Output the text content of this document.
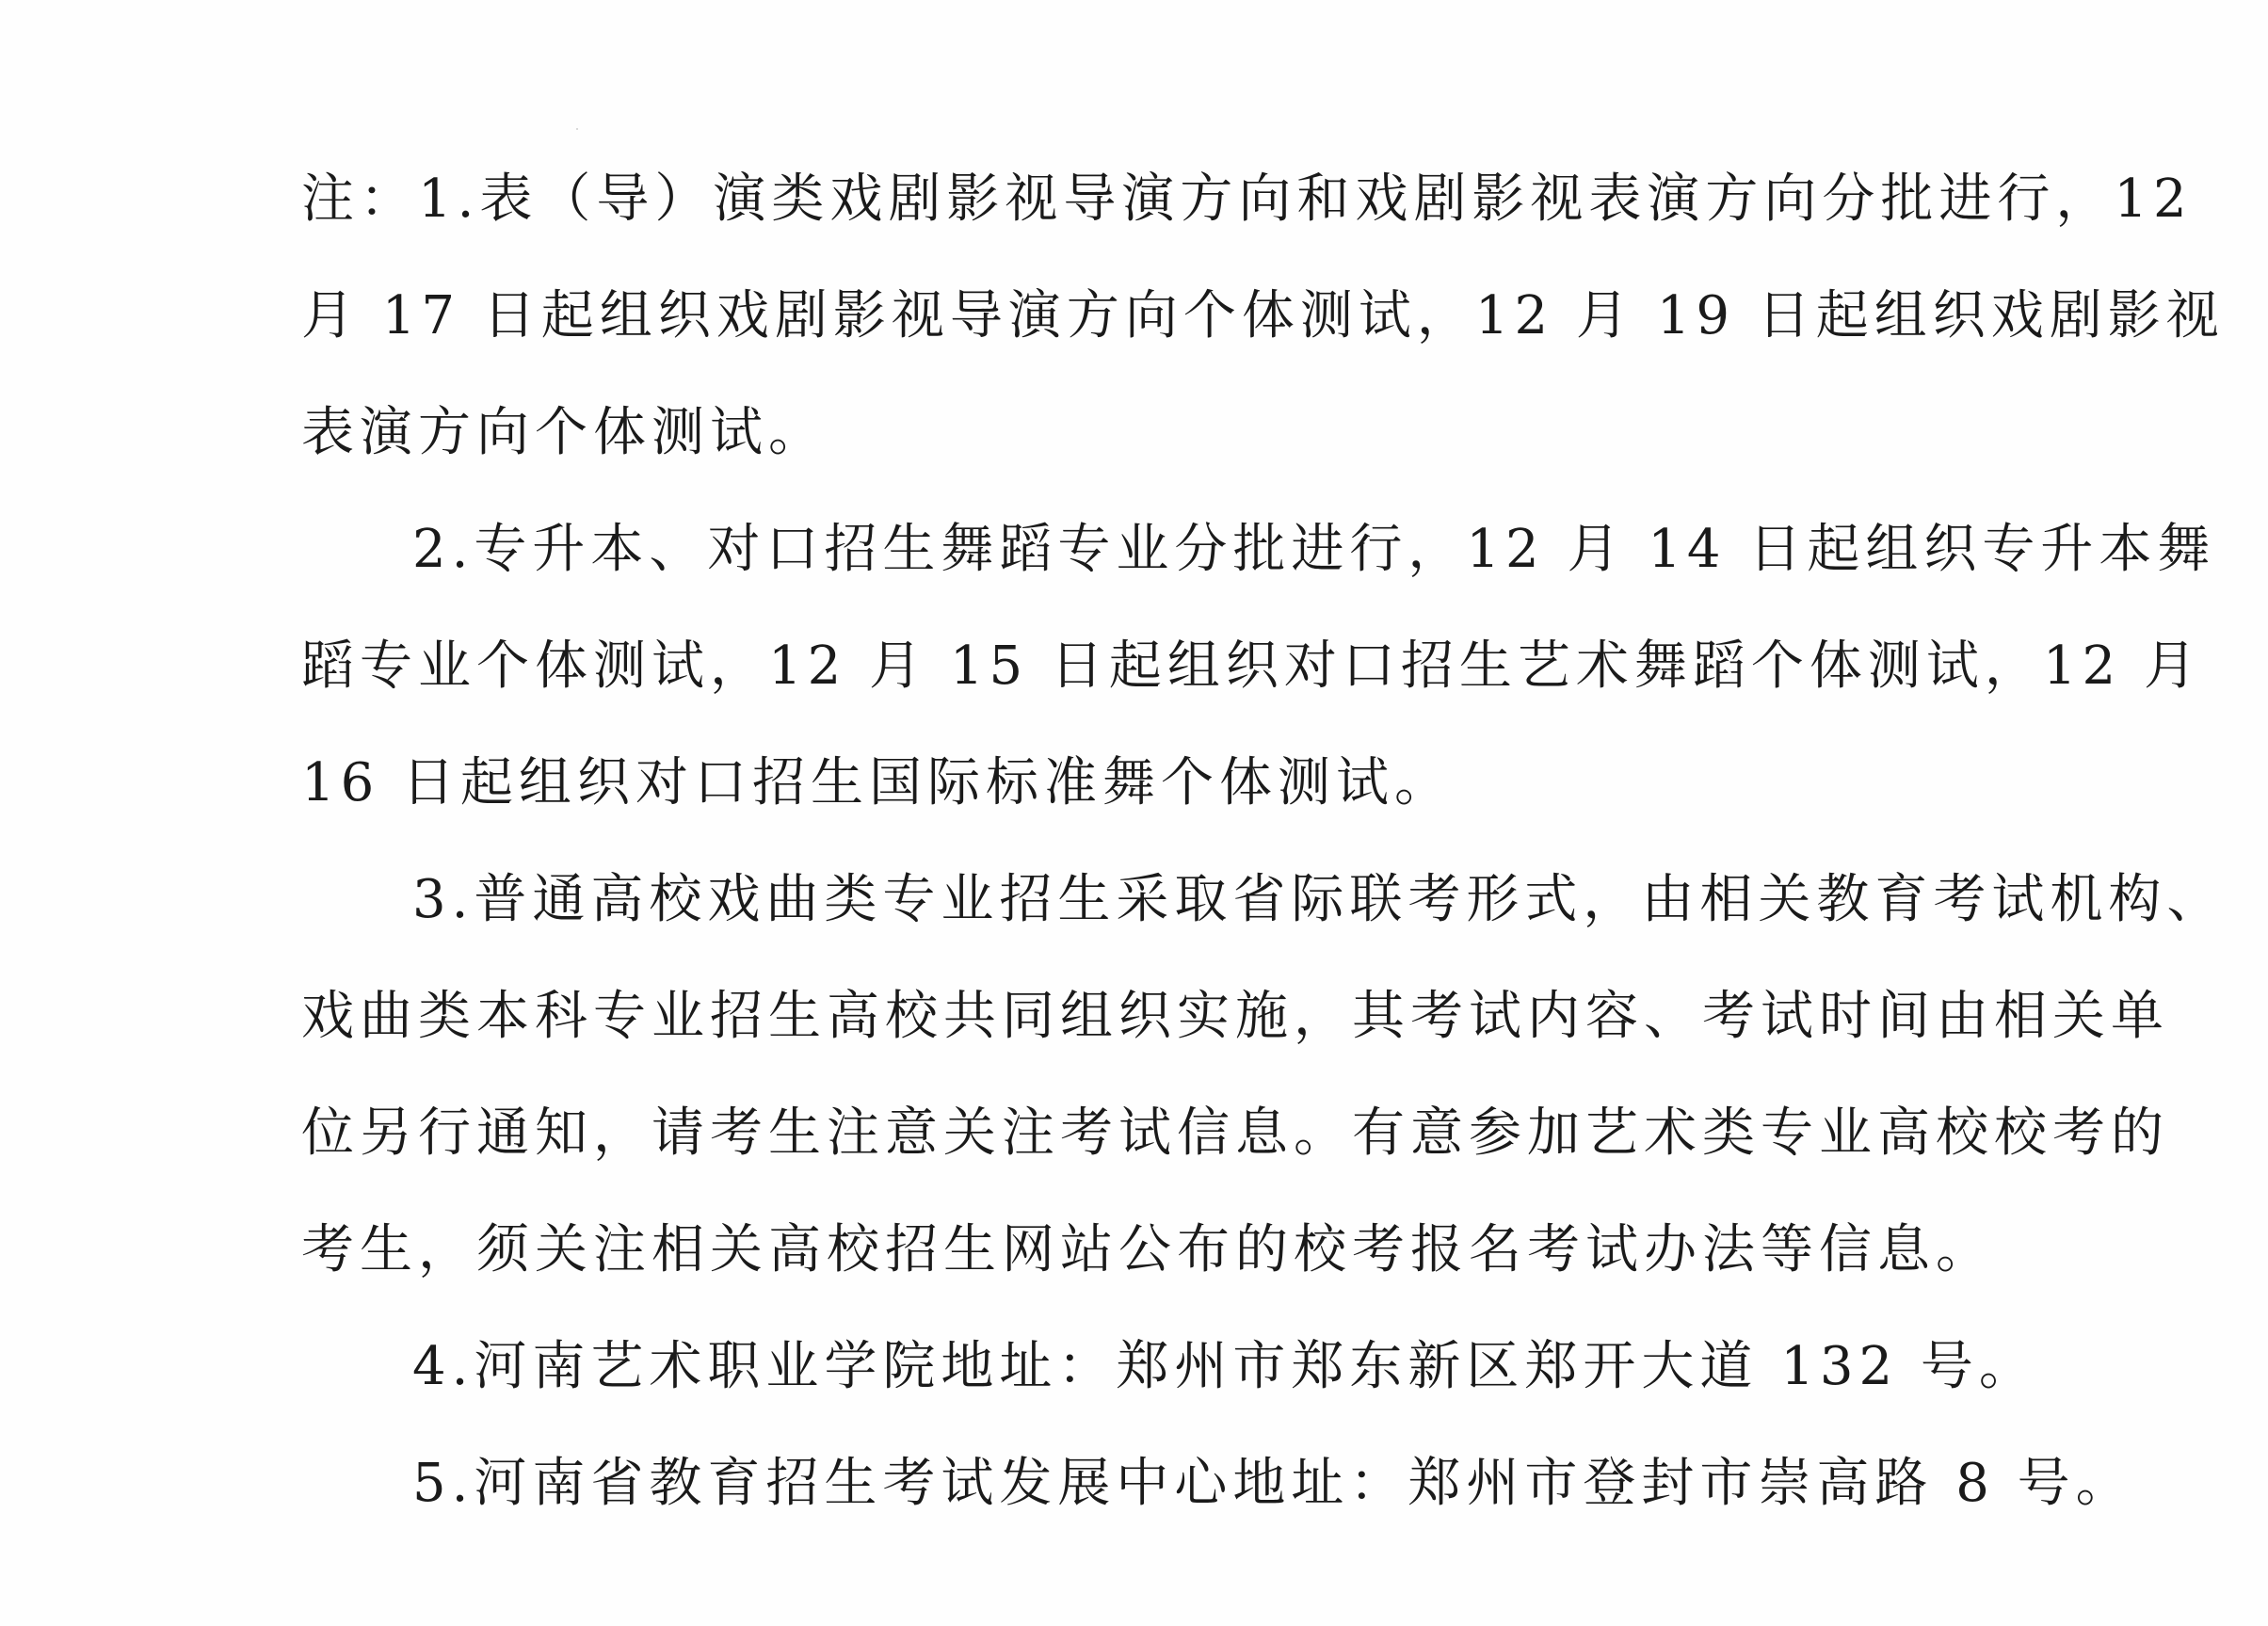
注：1.表（导）演类戏剧影视导演方向和戏剧影视表演方向分批进行，12
月 17 日起组织戏剧影视导演方向个体测试，12 月 19 日起组织戏剧影视
表演方向个体测试。

2.专升本、对口招生舞蹈专业分批进行，12 月 14 日起组织专升本舞
蹈专业个体测试，12 月 15 日起组织对口招生艺术舞蹈个体测试，12 月
16 日起组织对口招生国际标准舞个体测试。

3.普通高校戏曲类专业招生采取省际联考形式，由相关教育考试机构、
戏曲类本科专业招生高校共同组织实施，其考试内容、考试时间由相关单
位另行通知，请考生注意关注考试信息。有意参加艺术类专业高校校考的
考生，须关注相关高校招生网站公布的校考报名考试办法等信息。

4.河南艺术职业学院地址：郑州市郑东新区郑开大道 132 号。

5.河南省教育招生考试发展中心地址：郑州市登封市崇高路 8 号。
